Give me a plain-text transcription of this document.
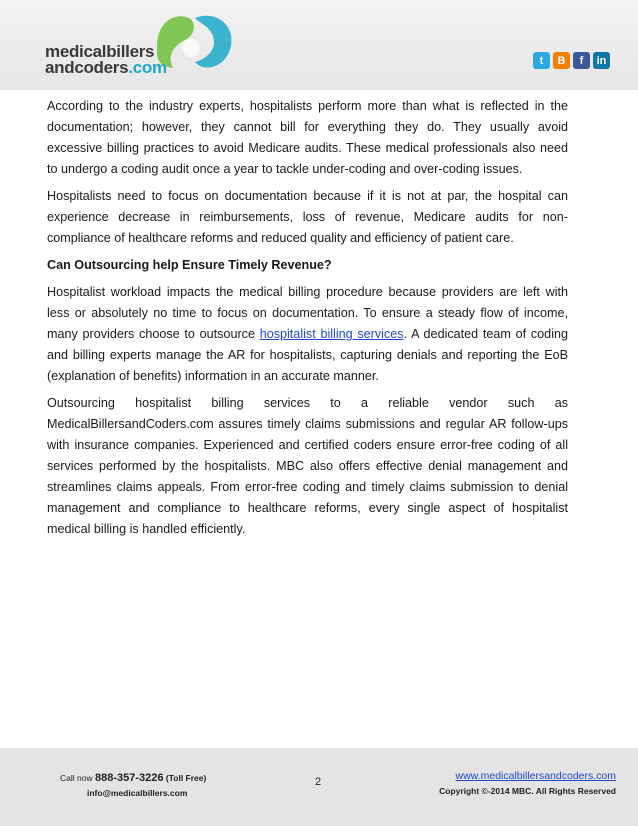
medicalbillers
andcoders.com	t	B	f	in

According to the industry experts, hospitalists perform more than what is reflected in the documentation; however, they cannot bill for everything they do. They usually avoid excessive billing practices to avoid Medicare audits. These medical professionals also need to undergo a coding audit once a year to tackle under-coding and over-coding issues.

Hospitalists need to focus on documentation because if it is not at par, the hospital can experience decrease in reimbursements, loss of revenue, Medicare audits for non-compliance of healthcare reforms and reduced quality and efficiency of patient care.

Can Outsourcing help Ensure Timely Revenue?

Hospitalist workload impacts the medical billing procedure because providers are left with less or absolutely no time to focus on documentation. To ensure a steady flow of income, many providers choose to outsource hospitalist billing services. A dedicated team of coding and billing experts manage the AR for hospitalists, capturing denials and reporting the EoB (explanation of benefits) information in an accurate manner.

Outsourcing hospitalist billing services to a reliable vendor such as MedicalBillersandCoders.com assures timely claims submissions and regular AR follow-ups with insurance companies. Experienced and certified coders ensure error-free coding of all services performed by the hospitalists. MBC also offers effective denial management and streamlines claims appeals. From error-free coding and timely claims submission to denial management and compliance to healthcare reforms, every single aspect of hospitalist medical billing is handled efficiently.

Call now 888-357-3226 (Toll Free)
info@medicalbillers.com
2	www.medicalbillersandcoders.com
Copyright ©-2014 MBC. All Rights Reserved
